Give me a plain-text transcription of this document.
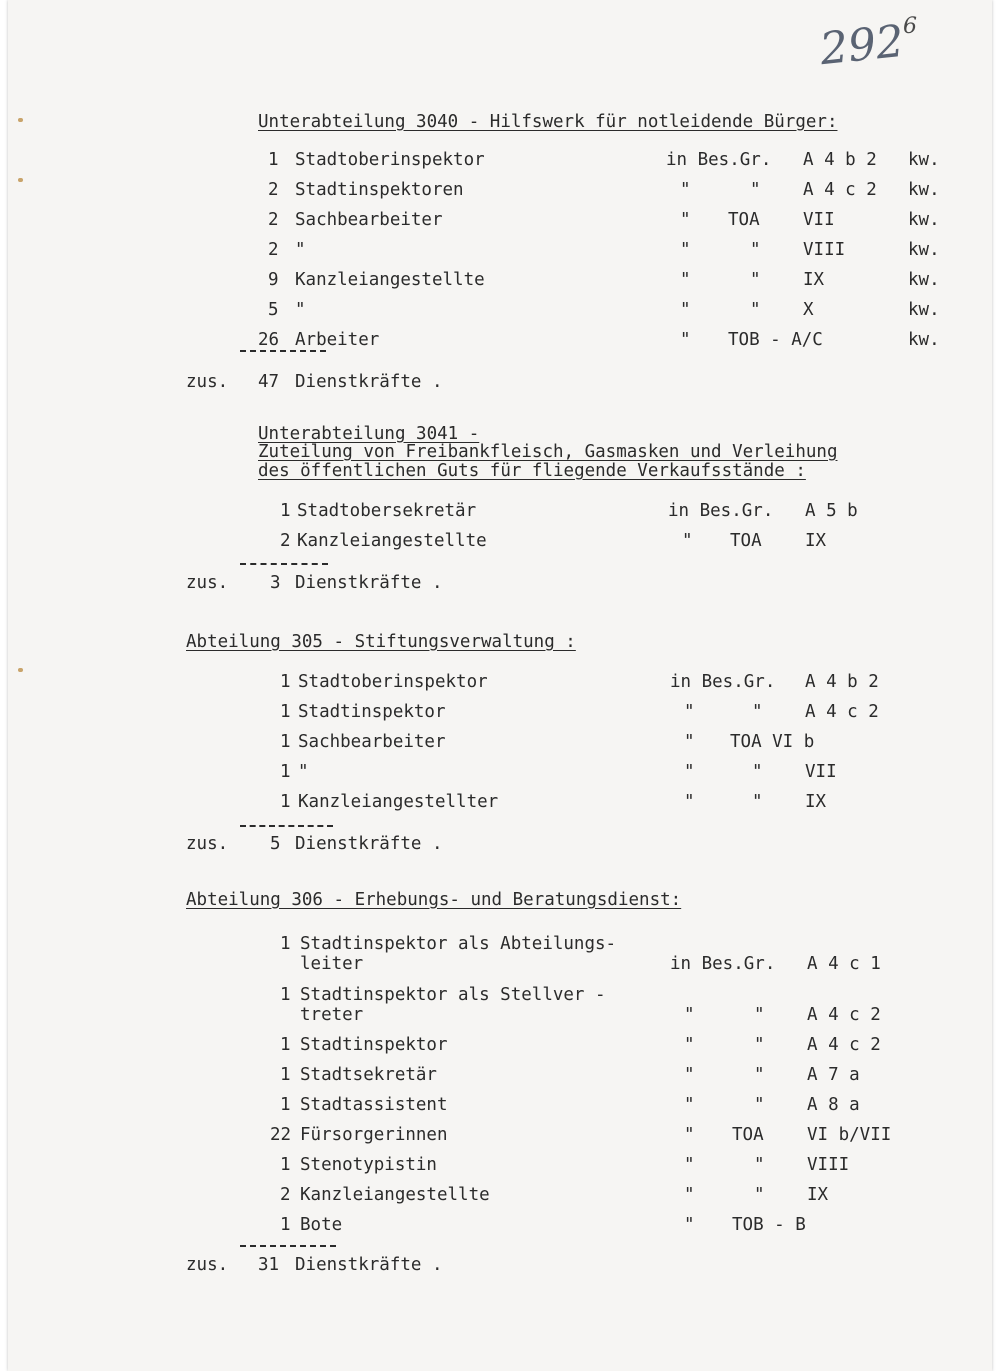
292
6
Unterabteilung 3040 - Hilfswerk für notleidende Bürger:
1 Stadtoberinspektor	in Bes.Gr. A 4 b 2 kw.
2 Stadtinspektoren	"	" A 4 c 2 kw.
2 Sachbearbeiter	" TOA VII	kw.
2 "	"	" VIII	kw.
9 Kanzleiangestellte	"	" IX	kw.
5 "	"	" X	kw.
26 Arbeiter	" TOB - A/C	kw.
zus. 47 Dienstkräfte .
Unterabteilung 3041 -
Zuteilung von Freibankfleisch, Gasmasken und Verleihung
des öffentlichen Guts für fliegende Verkaufsstände :
1 Stadtobersekretär	in Bes.Gr. A 5 b
2 Kanzleiangestellte	" TOA IX
zus. 3 Dienstkräfte .
Abteilung 305 - Stiftungsverwaltung :
1 Stadtoberinspektor	in Bes.Gr. A 4 b 2
1 Stadtinspektor	"	" A 4 c 2
1 Sachbearbeiter	" TOA VI b
1 "	"	" VII
1 Kanzleiangestellter	"	" IX
zus. 5 Dienstkräfte .
Abteilung 306 - Erhebungs- und Beratungsdienst:
1 Stadtinspektor als Abteilungs-
leiter	in Bes.Gr. A 4 c 1
1 Stadtinspektor als Stellver -
treter	"	" A 4 c 2
1 Stadtinspektor	"	" A 4 c 2
1 Stadtsekretär	"	" A 7 a
1 Stadtassistent	"	" A 8 a
22 Fürsorgerinnen	" TOA VI b/VII
1 Stenotypistin	"	" VIII
2 Kanzleiangestellte	"	" IX
1 Bote	" TOB - B
zus. 31 Dienstkräfte .
